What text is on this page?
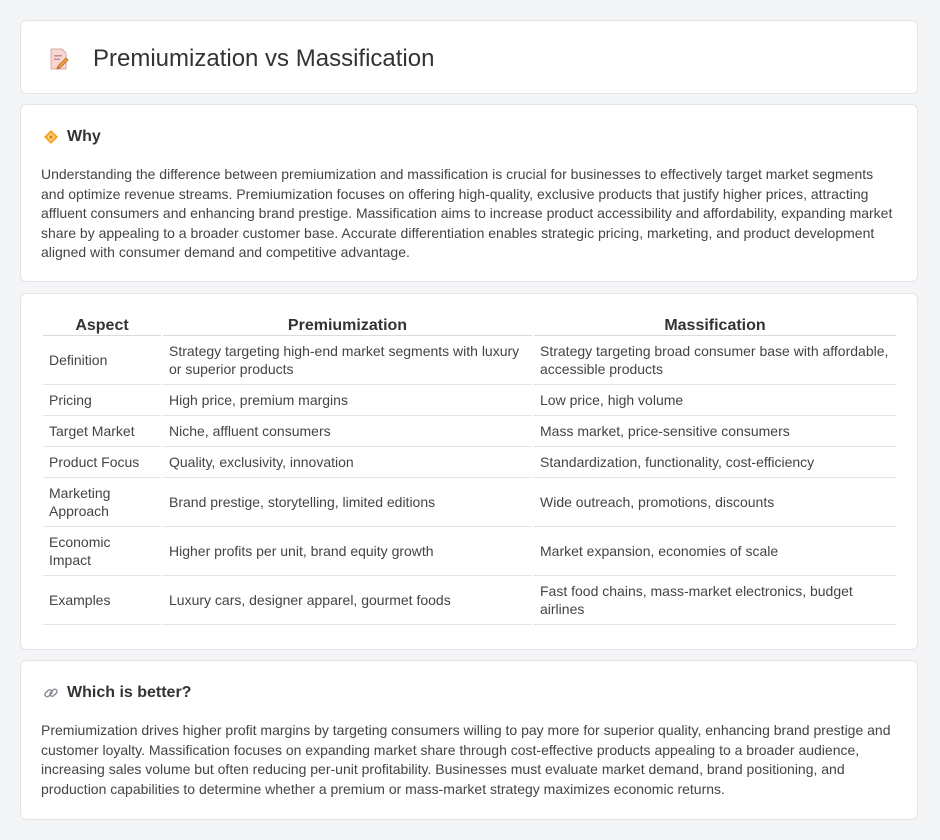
Premiumization vs Massification
Why

Understanding the difference between premiumization and massification is crucial for businesses to effectively target market segments and optimize revenue streams. Premiumization focuses on offering high-quality, exclusive products that justify higher prices, attracting affluent consumers and enhancing brand prestige. Massification aims to increase product accessibility and affordability, expanding market share by appealing to a broader customer base. Accurate differentiation enables strategic pricing, marketing, and product development aligned with consumer demand and competitive advantage.

Aspect	Premiumization	Massification
Definition	Strategy targeting high-end market segments with luxury or superior products	Strategy targeting broad consumer base with affordable, accessible products
Pricing	High price, premium margins	Low price, high volume
Target Market	Niche, affluent consumers	Mass market, price-sensitive consumers
Product Focus	Quality, exclusivity, innovation	Standardization, functionality, cost-efficiency
Marketing Approach	Brand prestige, storytelling, limited editions	Wide outreach, promotions, discounts
Economic Impact	Higher profits per unit, brand equity growth	Market expansion, economies of scale
Examples	Luxury cars, designer apparel, gourmet foods	Fast food chains, mass-market electronics, budget airlines
Which is better?

Premiumization drives higher profit margins by targeting consumers willing to pay more for superior quality, enhancing brand prestige and customer loyalty. Massification focuses on expanding market share through cost-effective products appealing to a broader audience, increasing sales volume but often reducing per-unit profitability. Businesses must evaluate market demand, brand positioning, and production capabilities to determine whether a premium or mass-market strategy maximizes economic returns.
